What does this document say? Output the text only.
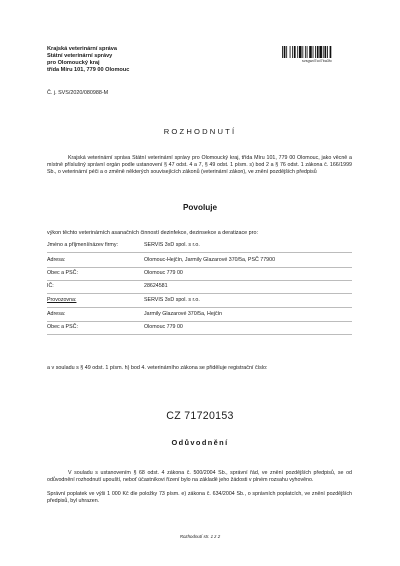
Krajská veterinární správa
Státní veterinární správy
pro Olomoucký kraj
třída Míru 101, 779 00 Olomouc
svsgwd7cd7ba3fc
Č. j. SVS/2020/080988-M
ROZHODNUTÍ
Krajská veterinární správa Státní veterinární správy pro Olomoucký kraj, třída Míru 101, 779 00 Olomouc, jako věcně a místně příslušný správní orgán podle ustanovení § 47 odst. 4 a 7, § 49 odst. 1 písm. s) bod 2 a § 76 odst. 1 zákona č. 166/1999 Sb., o veterinární péči a o změně některých souvisejících zákonů (veterinární zákon), ve znění pozdějších předpisů
Povoluje
výkon těchto veterinárních asanačních činností dezinfekce, dezinsekce a deratizace pro:
Jméno a příjmení/název firmy:	SERVIS 3xD spol. s r.o.
Adresa:	Olomouc-Hejčín, Jarmily Glazarové 370/5a, PSČ 77900
Obec a PSČ:	Olomouc 779 00
IČ:	28624581
Provozovna:	SERVIS 3xD spol. s r.o.
Adresa:	Jarmily Glazarové 370/5a, Hejčín
Obec a PSČ:	Olomouc 779 00
a v souladu s § 49 odst. 1 písm. h) bod 4. veterinárního zákona se přiděluje registrační číslo:
CZ 71720153
Odůvodnění
V souladu s ustanovením § 68 odst. 4 zákona č. 500/2004 Sb., správní řád, ve znění pozdějších předpisů, se od odůvodnění rozhodnutí upouští, neboť účastníkovi řízení bylo na základě jeho žádosti v plném rozsahu vyhověno.
Správní poplatek ve výši 1 000 Kč dle položky 73 písm. e) zákona č. 634/2004 Sb., o správních poplatcích, ve znění pozdějších předpisů, byl uhrazen.
Rozhodnutí str. 1 z 2
